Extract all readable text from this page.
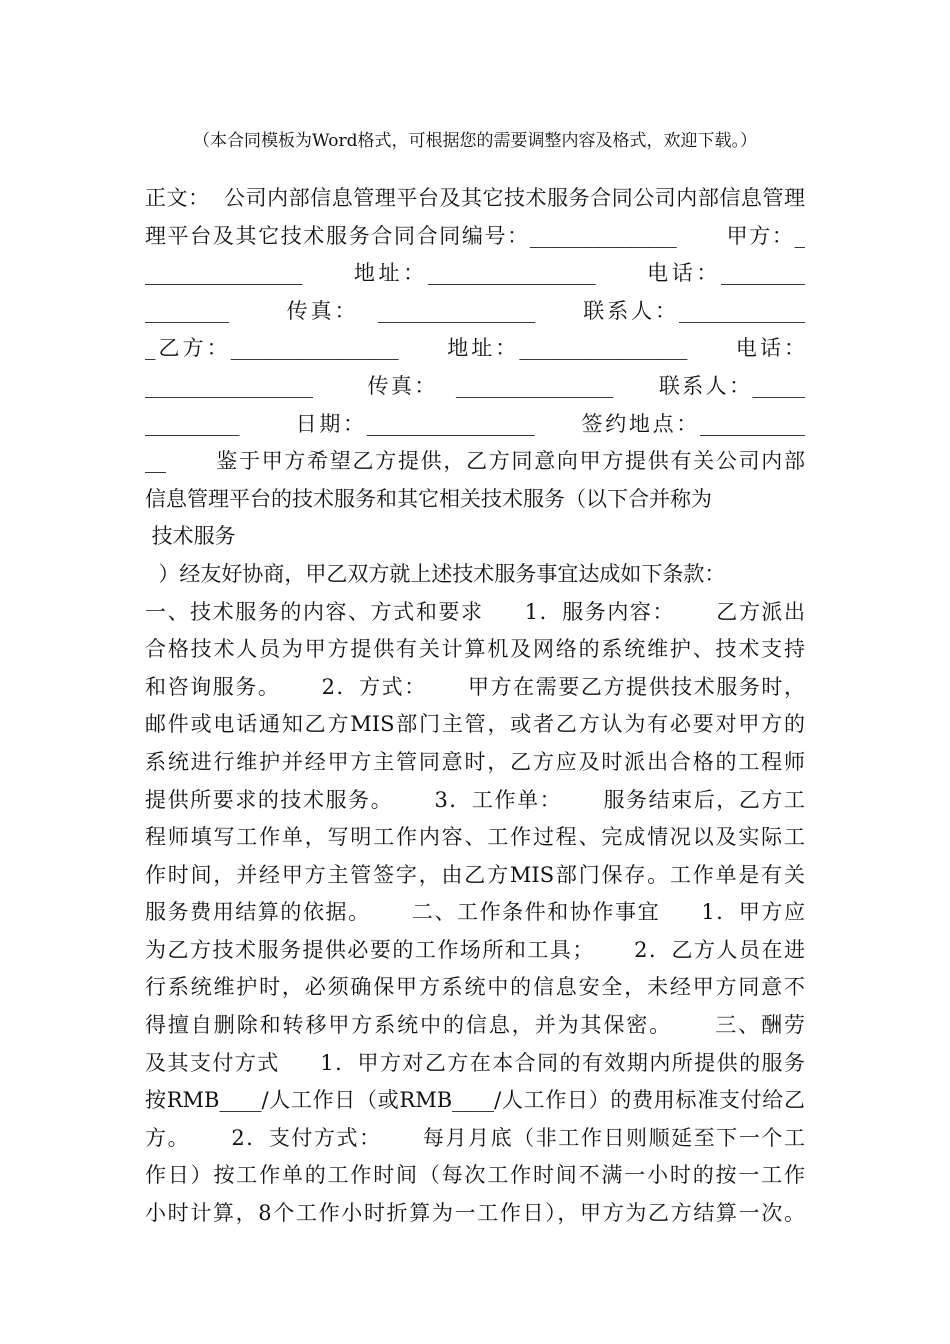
（本合同模板为Word格式，可根据您的需要调整内容及格式，欢迎下载。）
正文：  公司内部信息管理平台及其它技术服务合同公司内部信息管理
理平台及其它技术服务合同合同编号：______________      甲方：_
_______________     地址：________________     电话：________
________      传真：  _______________     联系人：____________
_乙方：________________     地址：________________     电话：
________________      传真：  _______________     联系人：_____
_________      日期：________________     签约地点：__________
__      鉴于甲方希望乙方提供，乙方同意向甲方提供有关公司内部
信息管理平台的技术服务和其它相关技术服务（以下合并称为
技术服务
）经友好协商，甲乙双方就上述技术服务事宜达成如下条款：
一、技术服务的内容、方式和要求     1．服务内容：     乙方派出
合格技术人员为甲方提供有关计算机及网络的系统维护、技术支持
和咨询服务。     2．方式：     甲方在需要乙方提供技术服务时，
邮件或电话通知乙方MIS部门主管，或者乙方认为有必要对甲方的
系统进行维护并经甲方主管同意时，乙方应及时派出合格的工程师
提供所要求的技术服务。     3．工作单：     服务结束后，乙方工
程师填写工作单，写明工作内容、工作过程、完成情况以及实际工
作时间，并经甲方主管签字，由乙方MIS部门保存。工作单是有关
服务费用结算的依据。     二、工作条件和协作事宜     1．甲方应
为乙方技术服务提供必要的工作场所和工具；     2．乙方人员在进
行系统维护时，必须确保甲方系统中的信息安全，未经甲方同意不
得擅自删除和转移甲方系统中的信息，并为其保密。     三、酬劳
及其支付方式     1．甲方对乙方在本合同的有效期内所提供的服务
按RMB____/人工作日（或RMB____/人工作日）的费用标准支付给乙
方。     2．支付方式：     每月月底（非工作日则顺延至下一个工
作日）按工作单的工作时间（每次工作时间不满一小时的按一工作
小时计算，8个工作小时折算为一工作日），甲方为乙方结算一次。
